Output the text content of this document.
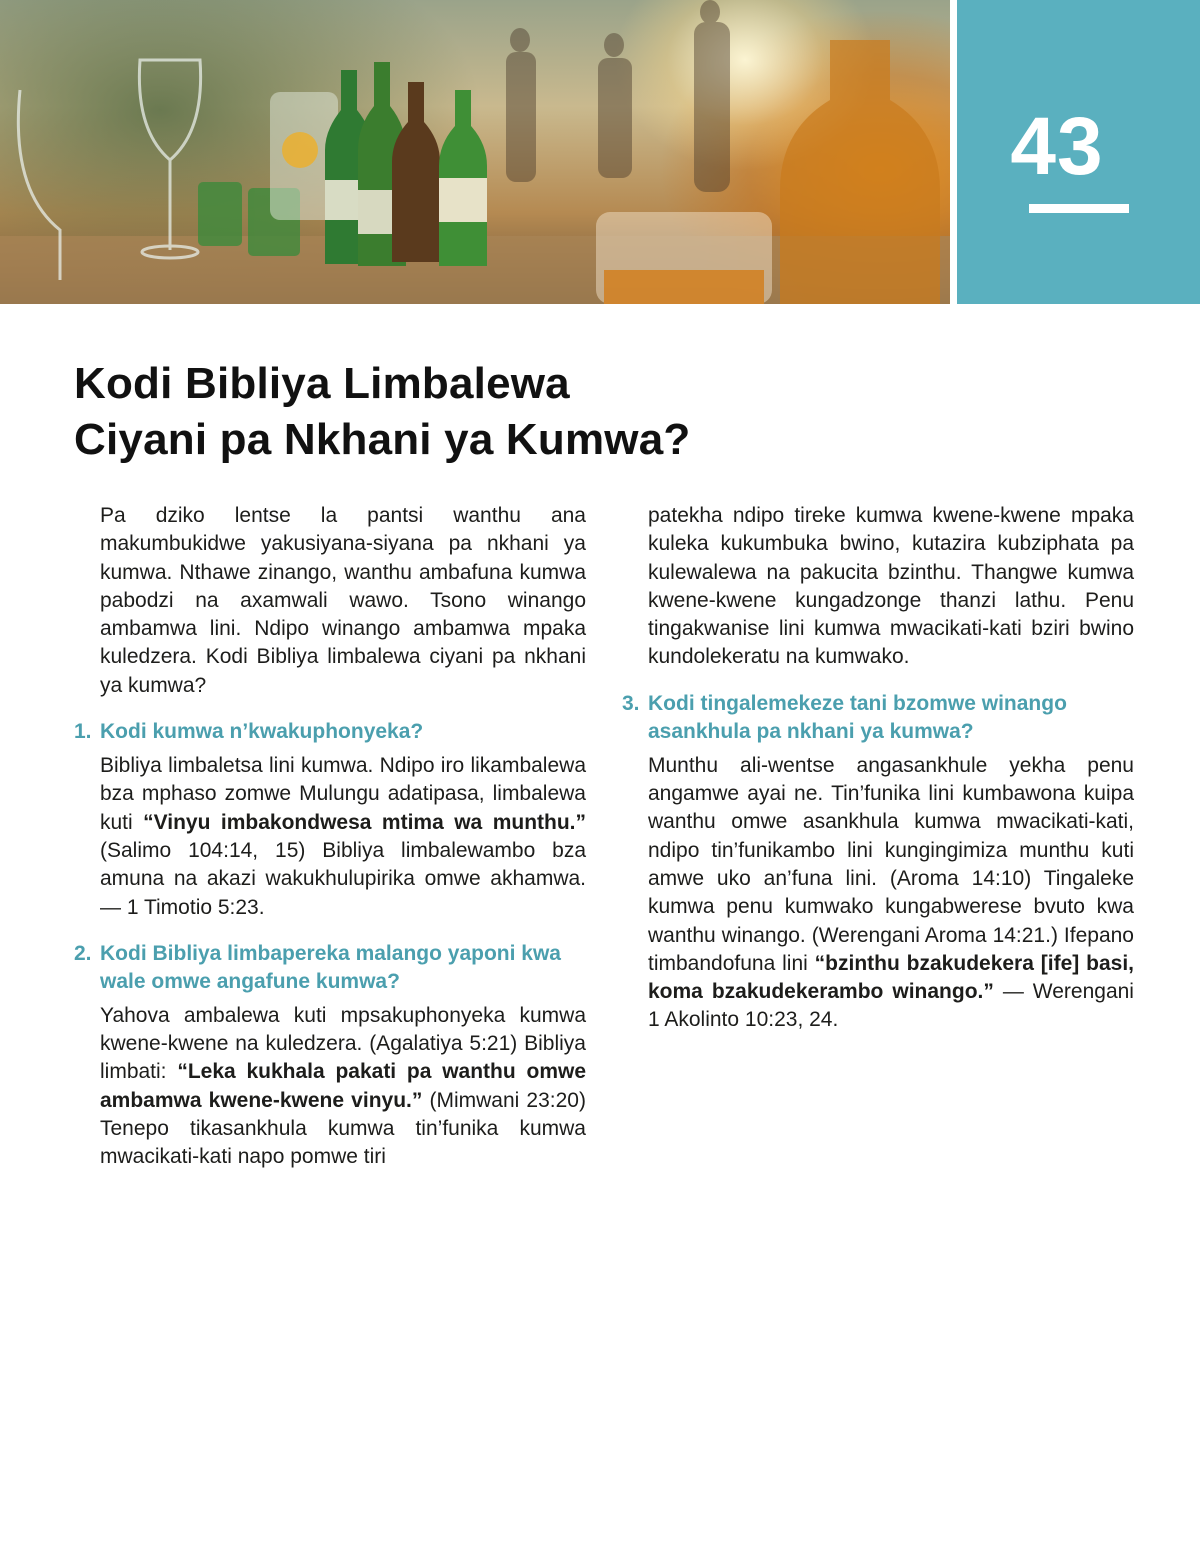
43
Kodi Bibliya Limbalewa
Ciyani pa Nkhani ya Kumwa?

Pa dziko lentse la pantsi wanthu ana makumbukidwe yakusiyana-siyana pa nkhani ya kumwa. Nthawe zinango, wanthu ambafuna kumwa pabodzi na axamwali wawo. Tsono winango ambamwa lini. Ndipo winango ambamwa mpaka kuledzera. Kodi Bibliya limbalewa ciyani pa nkhani ya kumwa?

1. Kodi kumwa n’kwakuphonyeka?

Bibliya limbaletsa lini kumwa. Ndipo iro likambalewa bza mphaso zomwe Mulungu adatipasa, limbalewa kuti “Vinyu imbakondwesa mtima wa munthu.” (Salimo 104:14, 15) Bibliya limbalewambo bza amuna na akazi wakukhulupirika omwe akhamwa. — 1 Timotio 5:23.

2. Kodi Bibliya limbapereka malango yaponi kwa wale omwe angafune kumwa?

Yahova ambalewa kuti mpsakuphonyeka kumwa kwene-kwene na kuledzera. (Agalatiya 5:21) Bibliya limbati: “Leka kukhala pakati pa wanthu omwe ambamwa kwene-kwene vinyu.” (Mimwani 23:20) Tenepo tikasankhula kumwa tin’funika kumwa mwacikati-kati napo pomwe tiri

patekha ndipo tireke kumwa kwene-kwene mpaka kuleka kukumbuka bwino, kutazira kubziphata pa kulewalewa na pakucita bzinthu. Thangwe kumwa kwene-kwene kungadzonge thanzi lathu. Penu tingakwanise lini kumwa mwacikati-kati bziri bwino kundolekeratu na kumwako.

3. Kodi tingalemekeze tani bzomwe winango asankhula pa nkhani ya kumwa?

Munthu ali-wentse angasankhule yekha penu angamwe ayai ne. Tin’funika lini kumbawona kuipa wanthu omwe asankhula kumwa mwacikati-kati, ndipo tin’funikambo lini kungingimiza munthu kuti amwe uko an’funa lini. (Aroma 14:10) Tingaleke kumwa penu kumwako kungabwerese bvuto kwa wanthu winango. (Werengani Aroma 14:21.) Ifepano timbandofuna lini “bzinthu bzakudekera [ife] basi, koma bzakudekerambo winango.” — Werengani 1 Akolinto 10:23, 24.
